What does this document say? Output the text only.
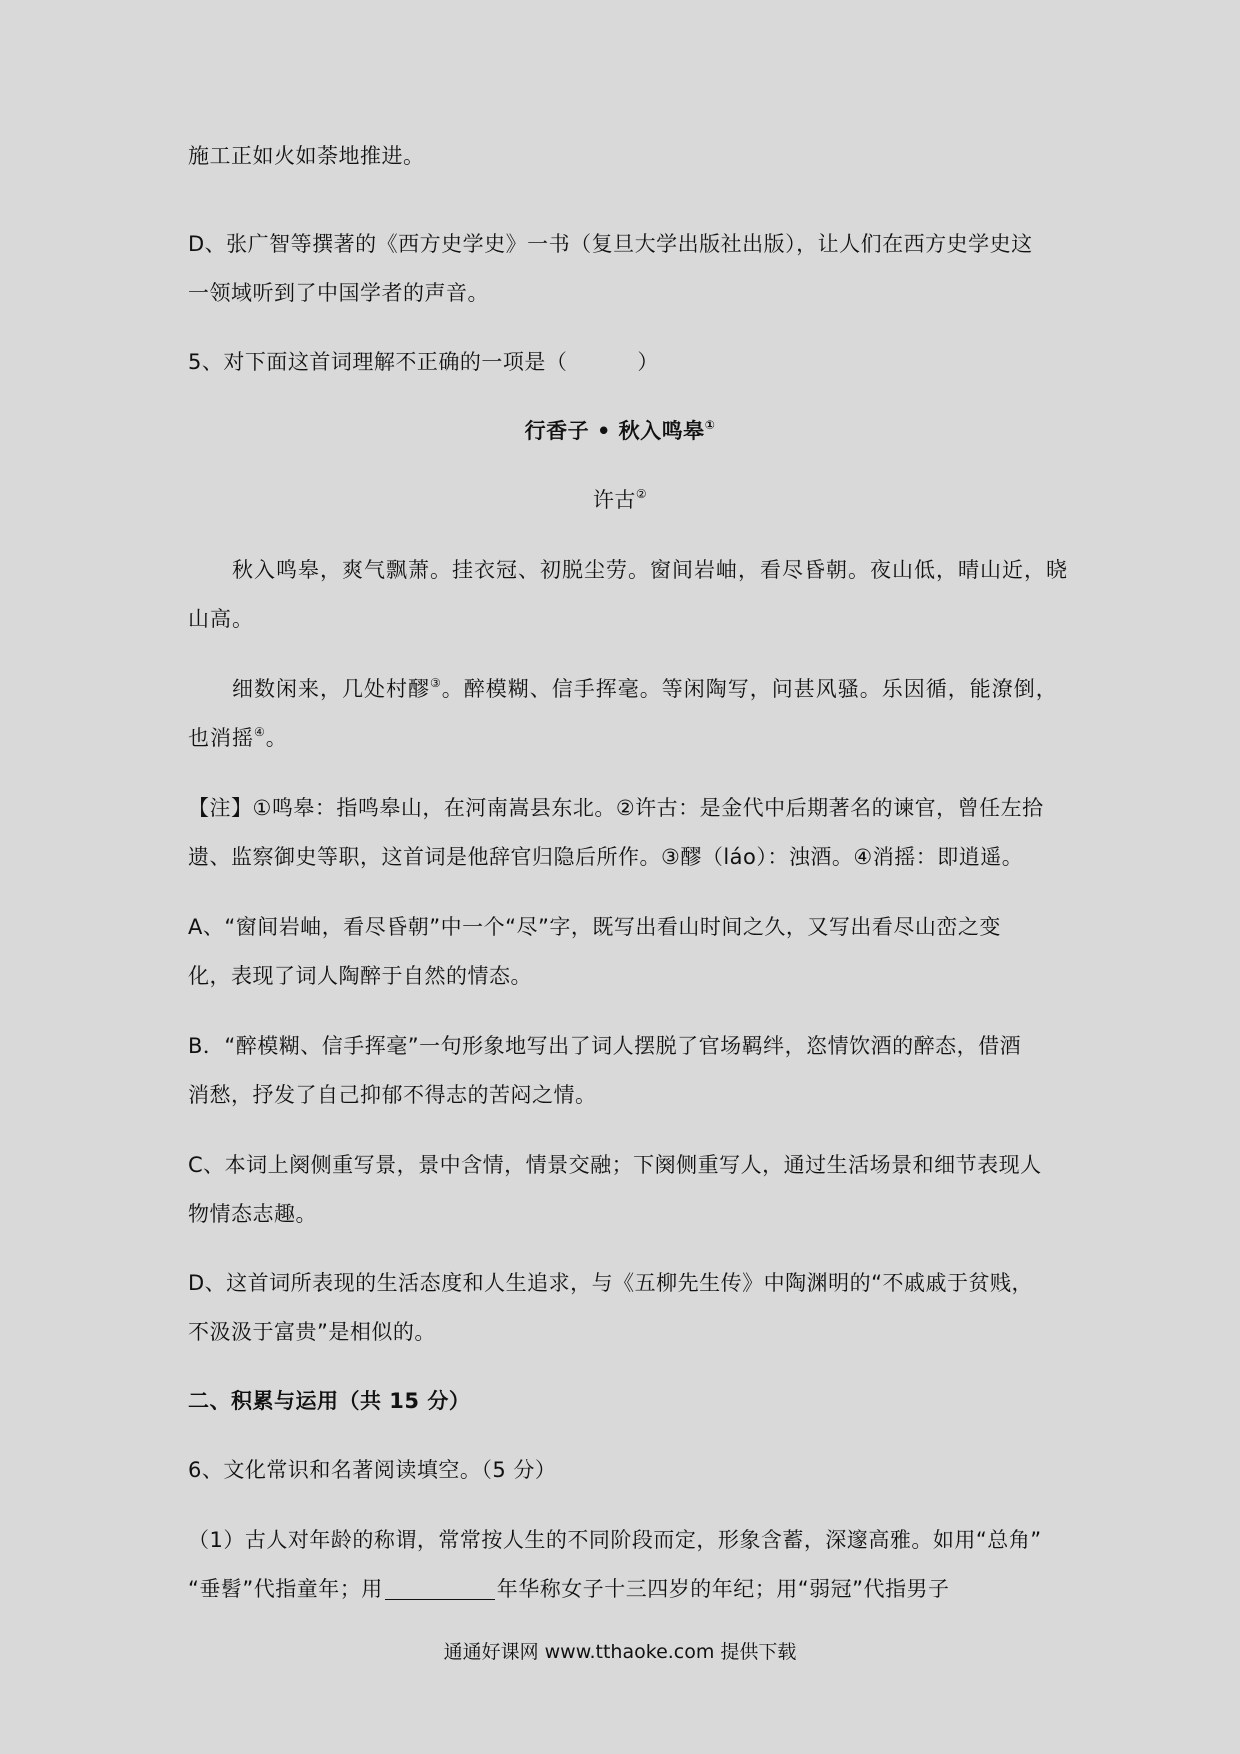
施工正如火如荼地推进。
D、张广智等撰著的《西方史学史》一书（复旦大学出版社出版），让人们在西方史学史这
一领域听到了中国学者的声音。
5、对下面这首词理解不正确的一项是（	）
行香子 • 秋入鸣皋①
许古②
秋入鸣皋，爽气飘萧。挂衣冠、初脱尘劳。窗间岩岫，看尽昏朝。夜山低，晴山近，晓
山高。
细数闲来，几处村醪③。醉模糊、信手挥毫。等闲陶写，问甚风骚。乐因循，能潦倒，
也消摇④。
【注】①鸣皋：指鸣皋山，在河南嵩县东北。②许古：是金代中后期著名的谏官，曾任左拾
遗、监察御史等职，这首词是他辞官归隐后所作。③醪（láo）：浊酒。④消摇：即逍遥。
A、“窗间岩岫，看尽昏朝”中一个“尽”字，既写出看山时间之久，又写出看尽山峦之变
化，表现了词人陶醉于自然的情态。
B．“醉模糊、信手挥毫”一句形象地写出了词人摆脱了官场羁绊，恣情饮酒的醉态，借酒
消愁，抒发了自己抑郁不得志的苦闷之情。
C、本词上阕侧重写景，景中含情，情景交融；下阕侧重写人，通过生活场景和细节表现人
物情态志趣。
D、这首词所表现的生活态度和人生追求，与《五柳先生传》中陶渊明的“不戚戚于贫贱，
不汲汲于富贵”是相似的。
二、积累与运用（共 15 分）
6、文化常识和名著阅读填空。（5 分）
（1）古人对年龄的称谓，常常按人生的不同阶段而定，形象含蓄，深邃高雅。如用“总角”
“垂髫”代指童年；用	年华称女子十三四岁的年纪；用“弱冠”代指男子
通通好课网 www.tthaoke.com 提供下载
